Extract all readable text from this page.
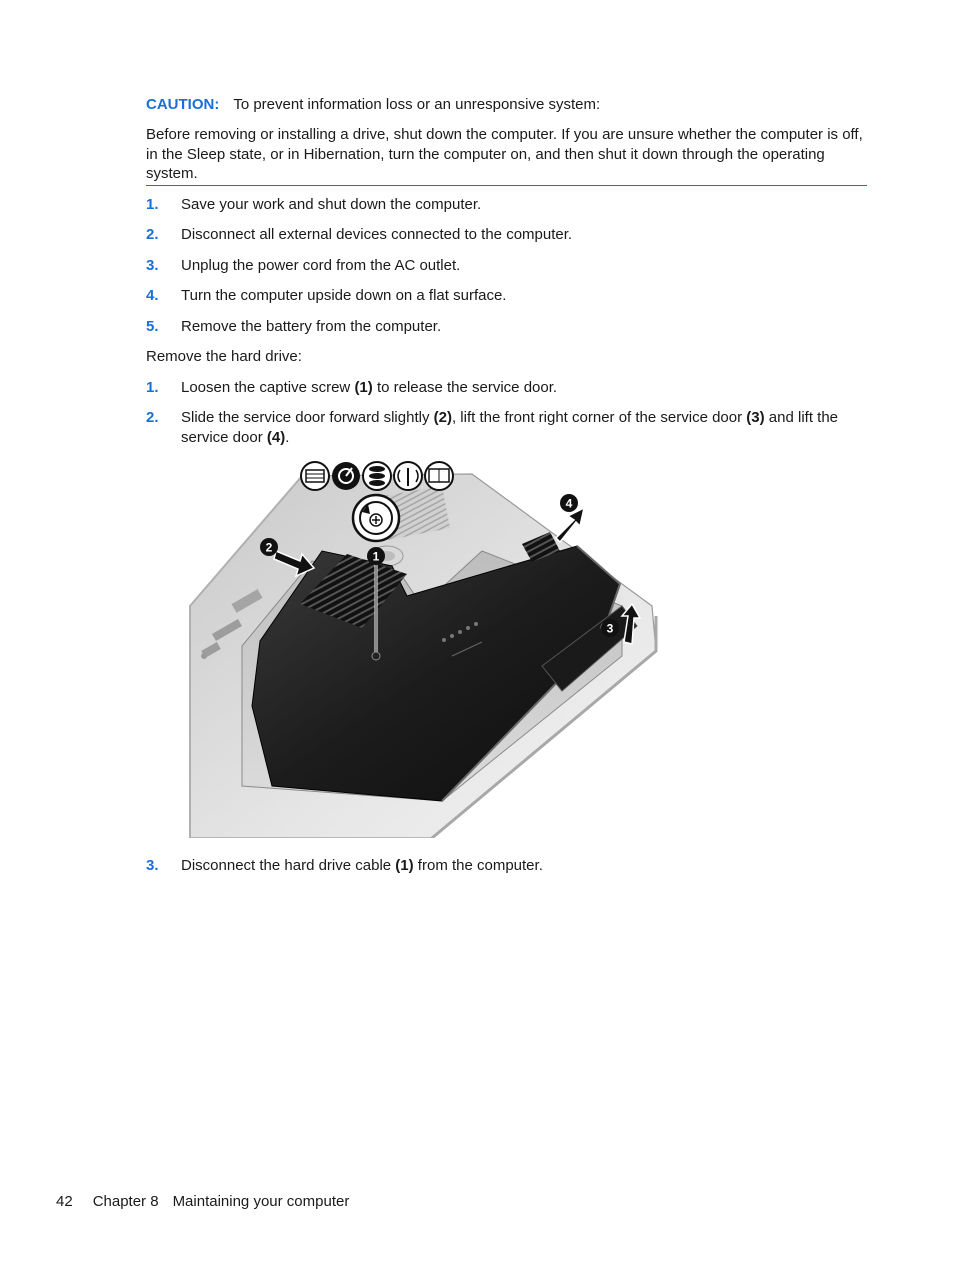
CAUTION: To prevent information loss or an unresponsive system:
Before removing or installing a drive, shut down the computer. If you are unsure whether the computer is off, in the Sleep state, or in Hibernation, turn the computer on, and then shut it down through the operating system.
1. Save your work and shut down the computer.
2. Disconnect all external devices connected to the computer.
3. Unplug the power cord from the AC outlet.
4. Turn the computer upside down on a flat surface.
5. Remove the battery from the computer.
Remove the hard drive:
1. Loosen the captive screw (1) to release the service door.
2. Slide the service door forward slightly (2), lift the front right corner of the service door (3) and lift the service door (4).
1
2
3
4
3. Disconnect the hard drive cable (1) from the computer.
42 Chapter 8 Maintaining your computer
